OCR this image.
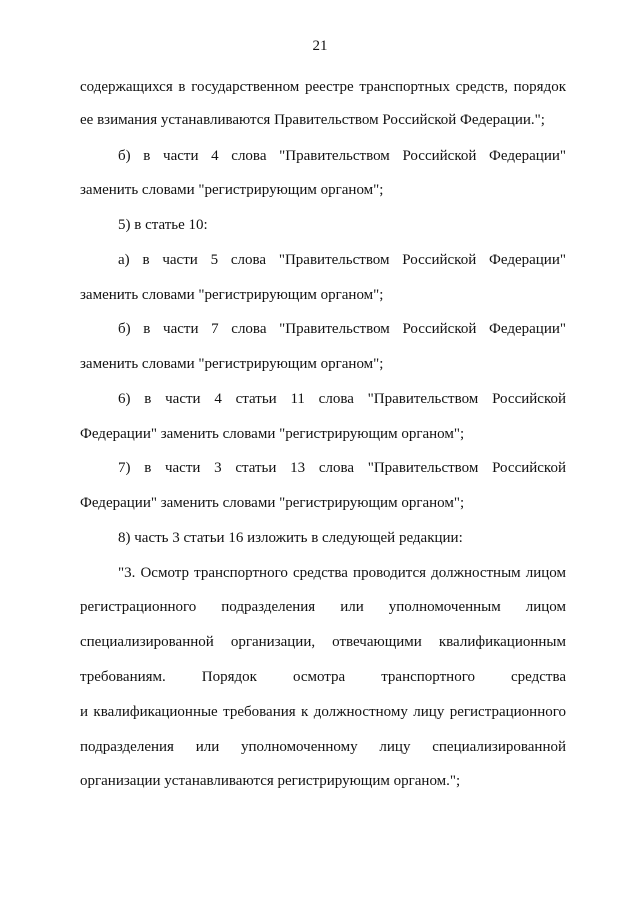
21
содержащихся в государственном реестре транспортных средств, порядок
ее взимания устанавливаются Правительством Российской Федерации.";
б) в части 4 слова "Правительством Российской Федерации"
заменить словами "регистрирующим органом";
5) в статье 10:
а) в части 5 слова "Правительством Российской Федерации"
заменить словами "регистрирующим органом";
б) в части 7 слова "Правительством Российской Федерации"
заменить словами "регистрирующим органом";
6) в части 4 статьи 11 слова "Правительством Российской
Федерации" заменить словами "регистрирующим органом";
7) в части 3 статьи 13 слова "Правительством Российской
Федерации" заменить словами "регистрирующим органом";
8) часть 3 статьи 16 изложить в следующей редакции:
"3. Осмотр транспортного средства проводится должностным лицом
регистрационного подразделения или уполномоченным лицом
специализированной организации, отвечающими квалификационным
требованиям. Порядок осмотра транспортного средства
и квалификационные требования к должностному лицу регистрационного
подразделения или уполномоченному лицу специализированной
организации устанавливаются регистрирующим органом.";
